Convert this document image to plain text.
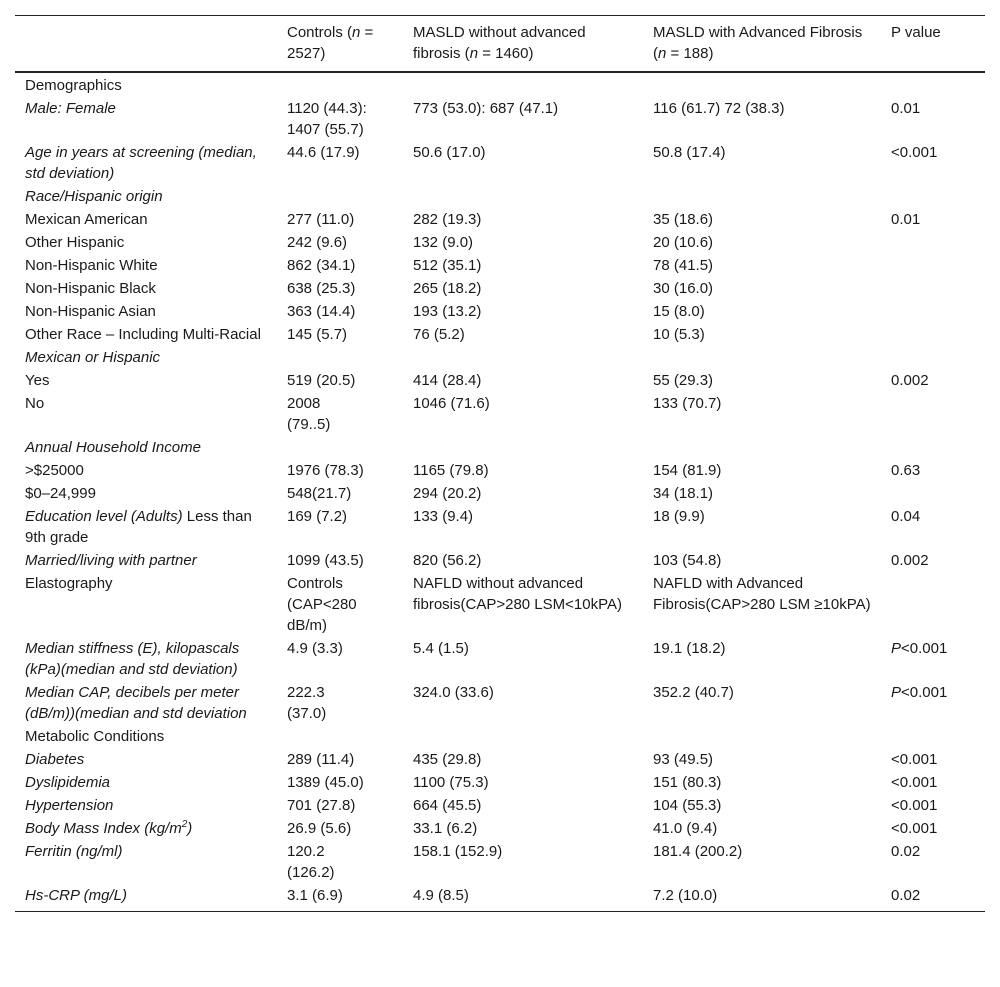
	Controls (n = 2527)	MASLD without advanced fibrosis (n = 1460)	MASLD with Advanced Fibrosis (n = 188)	P value
Demographics				
Male: Female	1120 (44.3): 1407 (55.7)	773 (53.0): 687 (47.1)	116 (61.7) 72 (38.3)	0.01
Age in years at screening (median, std deviation)	44.6 (17.9)	50.6 (17.0)	50.8 (17.4)	<0.001
Race/Hispanic origin				
Mexican American	277 (11.0)	282 (19.3)	35 (18.6)	0.01
Other Hispanic	242 (9.6)	132 (9.0)	20 (10.6)	
Non-Hispanic White	862 (34.1)	512 (35.1)	78 (41.5)	
Non-Hispanic Black	638 (25.3)	265 (18.2)	30 (16.0)	
Non-Hispanic Asian	363 (14.4)	193 (13.2)	15 (8.0)	
Other Race – Including Multi-Racial	145 (5.7)	76 (5.2)	10 (5.3)	
Mexican or Hispanic				
Yes	519 (20.5)	414 (28.4)	55 (29.3)	0.002
No	2008 (79..5)	1046 (71.6)	133 (70.7)	
Annual Household Income				
>$25000	1976 (78.3)	1165 (79.8)	154 (81.9)	0.63
$0–24,999	548(21.7)	294 (20.2)	34 (18.1)	
Education level (Adults) Less than 9th grade	169 (7.2)	133 (9.4)	18 (9.9)	0.04
Married/living with partner	1099 (43.5)	820 (56.2)	103 (54.8)	0.002
Elastography	Controls (CAP<280 dB/m)	NAFLD without advanced fibrosis(CAP>280 LSM<10kPA)	NAFLD with Advanced Fibrosis(CAP>280 LSM ≥10kPA)	
Median stiffness (E), kilopascals (kPa)(median and std deviation)	4.9 (3.3)	5.4 (1.5)	19.1 (18.2)	P<0.001
Median CAP, decibels per meter (dB/m))(median and std deviation	222.3 (37.0)	324.0 (33.6)	352.2 (40.7)	P<0.001
Metabolic Conditions				
Diabetes	289 (11.4)	435 (29.8)	93 (49.5)	<0.001
Dyslipidemia	1389 (45.0)	1100 (75.3)	151 (80.3)	<0.001
Hypertension	701 (27.8)	664 (45.5)	104 (55.3)	<0.001
Body Mass Index $(kg/m^2)$	26.9 (5.6)	33.1 (6.2)	41.0 (9.4)	<0.001
Ferritin (ng/ml)	120.2 (126.2)	158.1 (152.9)	181.4 (200.2)	0.02
Hs-CRP (mg/L)	3.1 (6.9)	4.9 (8.5)	7.2 (10.0)	0.02
